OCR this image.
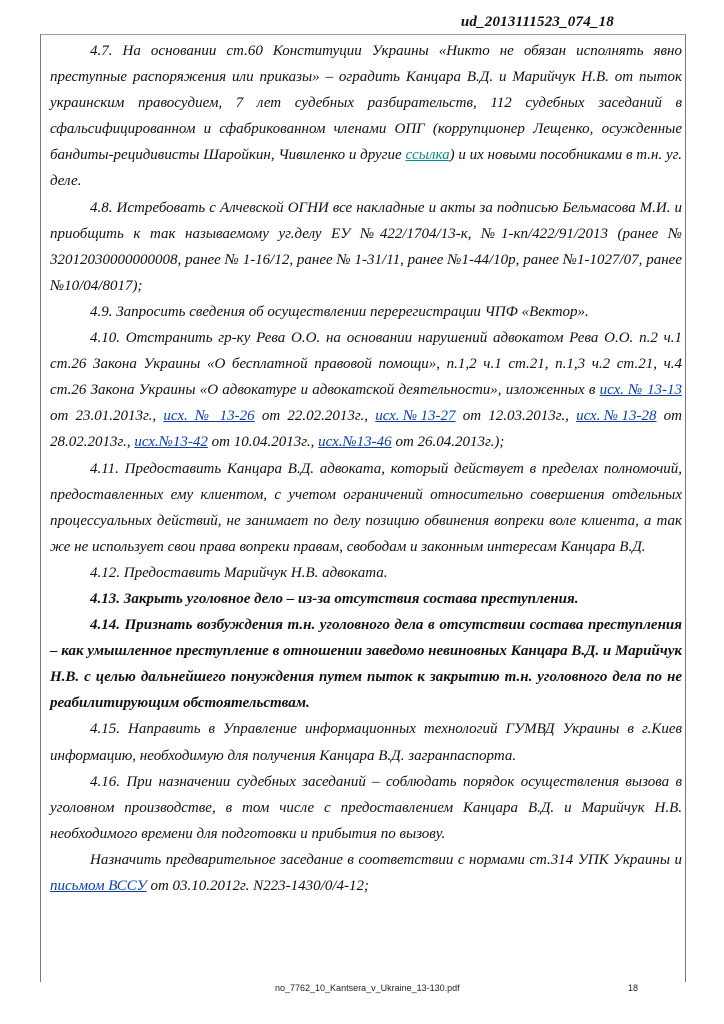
ud_2013111523_074_18

4.7. На основании ст.60 Конституции Украины «Никто не обязан исполнять явно преступные распоряжения или приказы» – оградить Канцара В.Д. и Марийчук Н.В. от пыток украинским правосудием, 7 лет судебных разбирательств, 112 судебных заседаний в сфальсифицированном и сфабрикованном членами ОПГ (коррупционер Лещенко, осужденные бандиты-рецидивисты Шаройкин, Чивиленко и другие ссылка) и их новыми пособниками в т.н. уг. деле.

4.8. Истребовать с Алчевской ОГНИ все накладные и акты за подписью Бельмасова М.И. и приобщить к так называемому уг.делу ЕУ №422/1704/13-к, №1-кп/422/91/2013 (ранее № 32012030000000008, ранее № 1-16/12, ранее № 1-31/11, ранее №1-44/10р, ранее №1-1027/07, ранее №10/04/8017);

4.9. Запросить сведения об осуществлении перерегистрации ЧПФ «Вектор».

4.10. Отстранить гр-ку Рева О.О. на основании нарушений адвокатом Рева О.О. п.2 ч.1 ст.26 Закона Украины «О бесплатной правовой помощи», п.1,2 ч.1 ст.21, п.1,3 ч.2 ст.21, ч.4 ст.26 Закона Украины «О адвокатуре и адвокатской деятельности», изложенных в исх. № 13-13 от 23.01.2013г., исх. № 13-26 от 22.02.2013г., исх.№13-27 от 12.03.2013г., исх.№13-28 от 28.02.2013г., исх.№13-42 от 10.04.2013г., исх.№13-46 от 26.04.2013г.);

4.11. Предоставить Канцара В.Д. адвоката, который действует в пределах полномочий, предоставленных ему клиентом, с учетом ограничений относительно совершения отдельных процессуальных действий, не занимает по делу позицию обвинения вопреки воле клиента, а так же не использует свои права вопреки правам, свободам и законным интересам Канцара В.Д.

4.12. Предоставить Марийчук Н.В. адвоката.

4.13. Закрыть уголовное дело – из-за отсутствия состава преступления.

4.14. Признать возбуждения т.н. уголовного дела в отсутствии состава преступления – как умышленное преступление в отношении заведомо невиновных Канцара В.Д. и Марийчук Н.В. с целью дальнейшего понуждения путем пыток к закрытию т.н. уголовного дела по не реабилитирующим обстоятельствам.

4.15. Направить в Управление информационных технологий ГУМВД Украины в г.Киев информацию, необходимую для получения Канцара В.Д. загранпаспорта.

4.16. При назначении судебных заседаний – соблюдать порядок осуществления вызова в уголовном производстве, в том числе с предоставлением Канцара В.Д. и Марийчук Н.В. необходимого времени для подготовки и прибытия по вызову.

Назначить предварительное заседание в соответствии с нормами ст.314 УПК Украины и письмом ВССУ от 03.10.2012г. N223-1430/0/4-12;

no_7762_10_Kantsera_v_Ukraine_13-130.pdf	18
